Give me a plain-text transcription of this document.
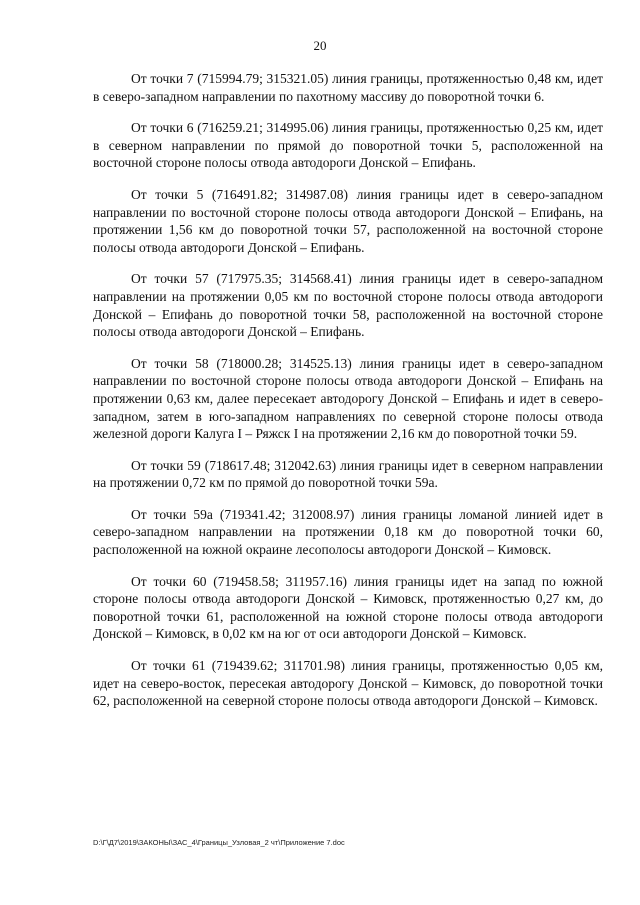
20

От точки 7 (715994.79; 315321.05) линия границы, протяженностью 0,48 км, идет в северо-западном направлении по пахотному массиву до поворотной точки 6.

От точки 6 (716259.21; 314995.06) линия границы, протяженностью 0,25 км, идет в северном направлении по прямой до поворотной точки 5, расположенной на восточной стороне полосы отвода автодороги Донской – Епифань.

От точки 5 (716491.82; 314987.08) линия границы идет в северо-западном направлении по восточной стороне полосы отвода автодороги Донской – Епифань, на протяжении 1,56 км до поворотной точки 57, расположенной на восточной стороне полосы отвода автодороги Донской – Епифань.

От точки 57 (717975.35; 314568.41) линия границы идет в северо-западном направлении на протяжении 0,05 км по восточной стороне полосы отвода автодороги Донской – Епифань до поворотной точки 58, расположенной на восточной стороне полосы отвода автодороги Донской – Епифань.

От точки 58 (718000.28; 314525.13) линия границы идет в северо-западном направлении по восточной стороне полосы отвода автодороги Донской – Епифань на протяжении 0,63 км, далее пересекает автодорогу Донской – Епифань и идет в северо-западном, затем в юго-западном направлениях по северной стороне полосы отвода железной дороги Калуга I – Ряжск I на протяжении 2,16 км до поворотной точки 59.

От точки 59 (718617.48; 312042.63) линия границы идет в северном направлении на протяжении 0,72 км по прямой до поворотной точки 59а.

От точки 59а (719341.42; 312008.97) линия границы ломаной линией идет в северо-западном направлении на протяжении 0,18 км до поворотной точки 60, расположенной на южной окраине лесополосы автодороги Донской – Кимовск.

От точки 60 (719458.58; 311957.16) линия границы идет на запад по южной стороне полосы отвода автодороги Донской – Кимовск, протяженностью 0,27 км, до поворотной точки 61, расположенной на южной стороне полосы отвода автодороги Донской – Кимовск, в 0,02 км на юг от оси автодороги Донской – Кимовск.

От точки 61 (719439.62; 311701.98) линия границы, протяженностью 0,05 км, идет на северо-восток, пересекая автодорогу Донской – Кимовск, до поворотной точки 62, расположенной на северной стороне полосы отвода автодороги Донской – Кимовск.

D:\Г\Д7\2019\ЗАКОНЫ\ЗАС_4\Границы_Узловая_2 чт\Приложение 7.doc
